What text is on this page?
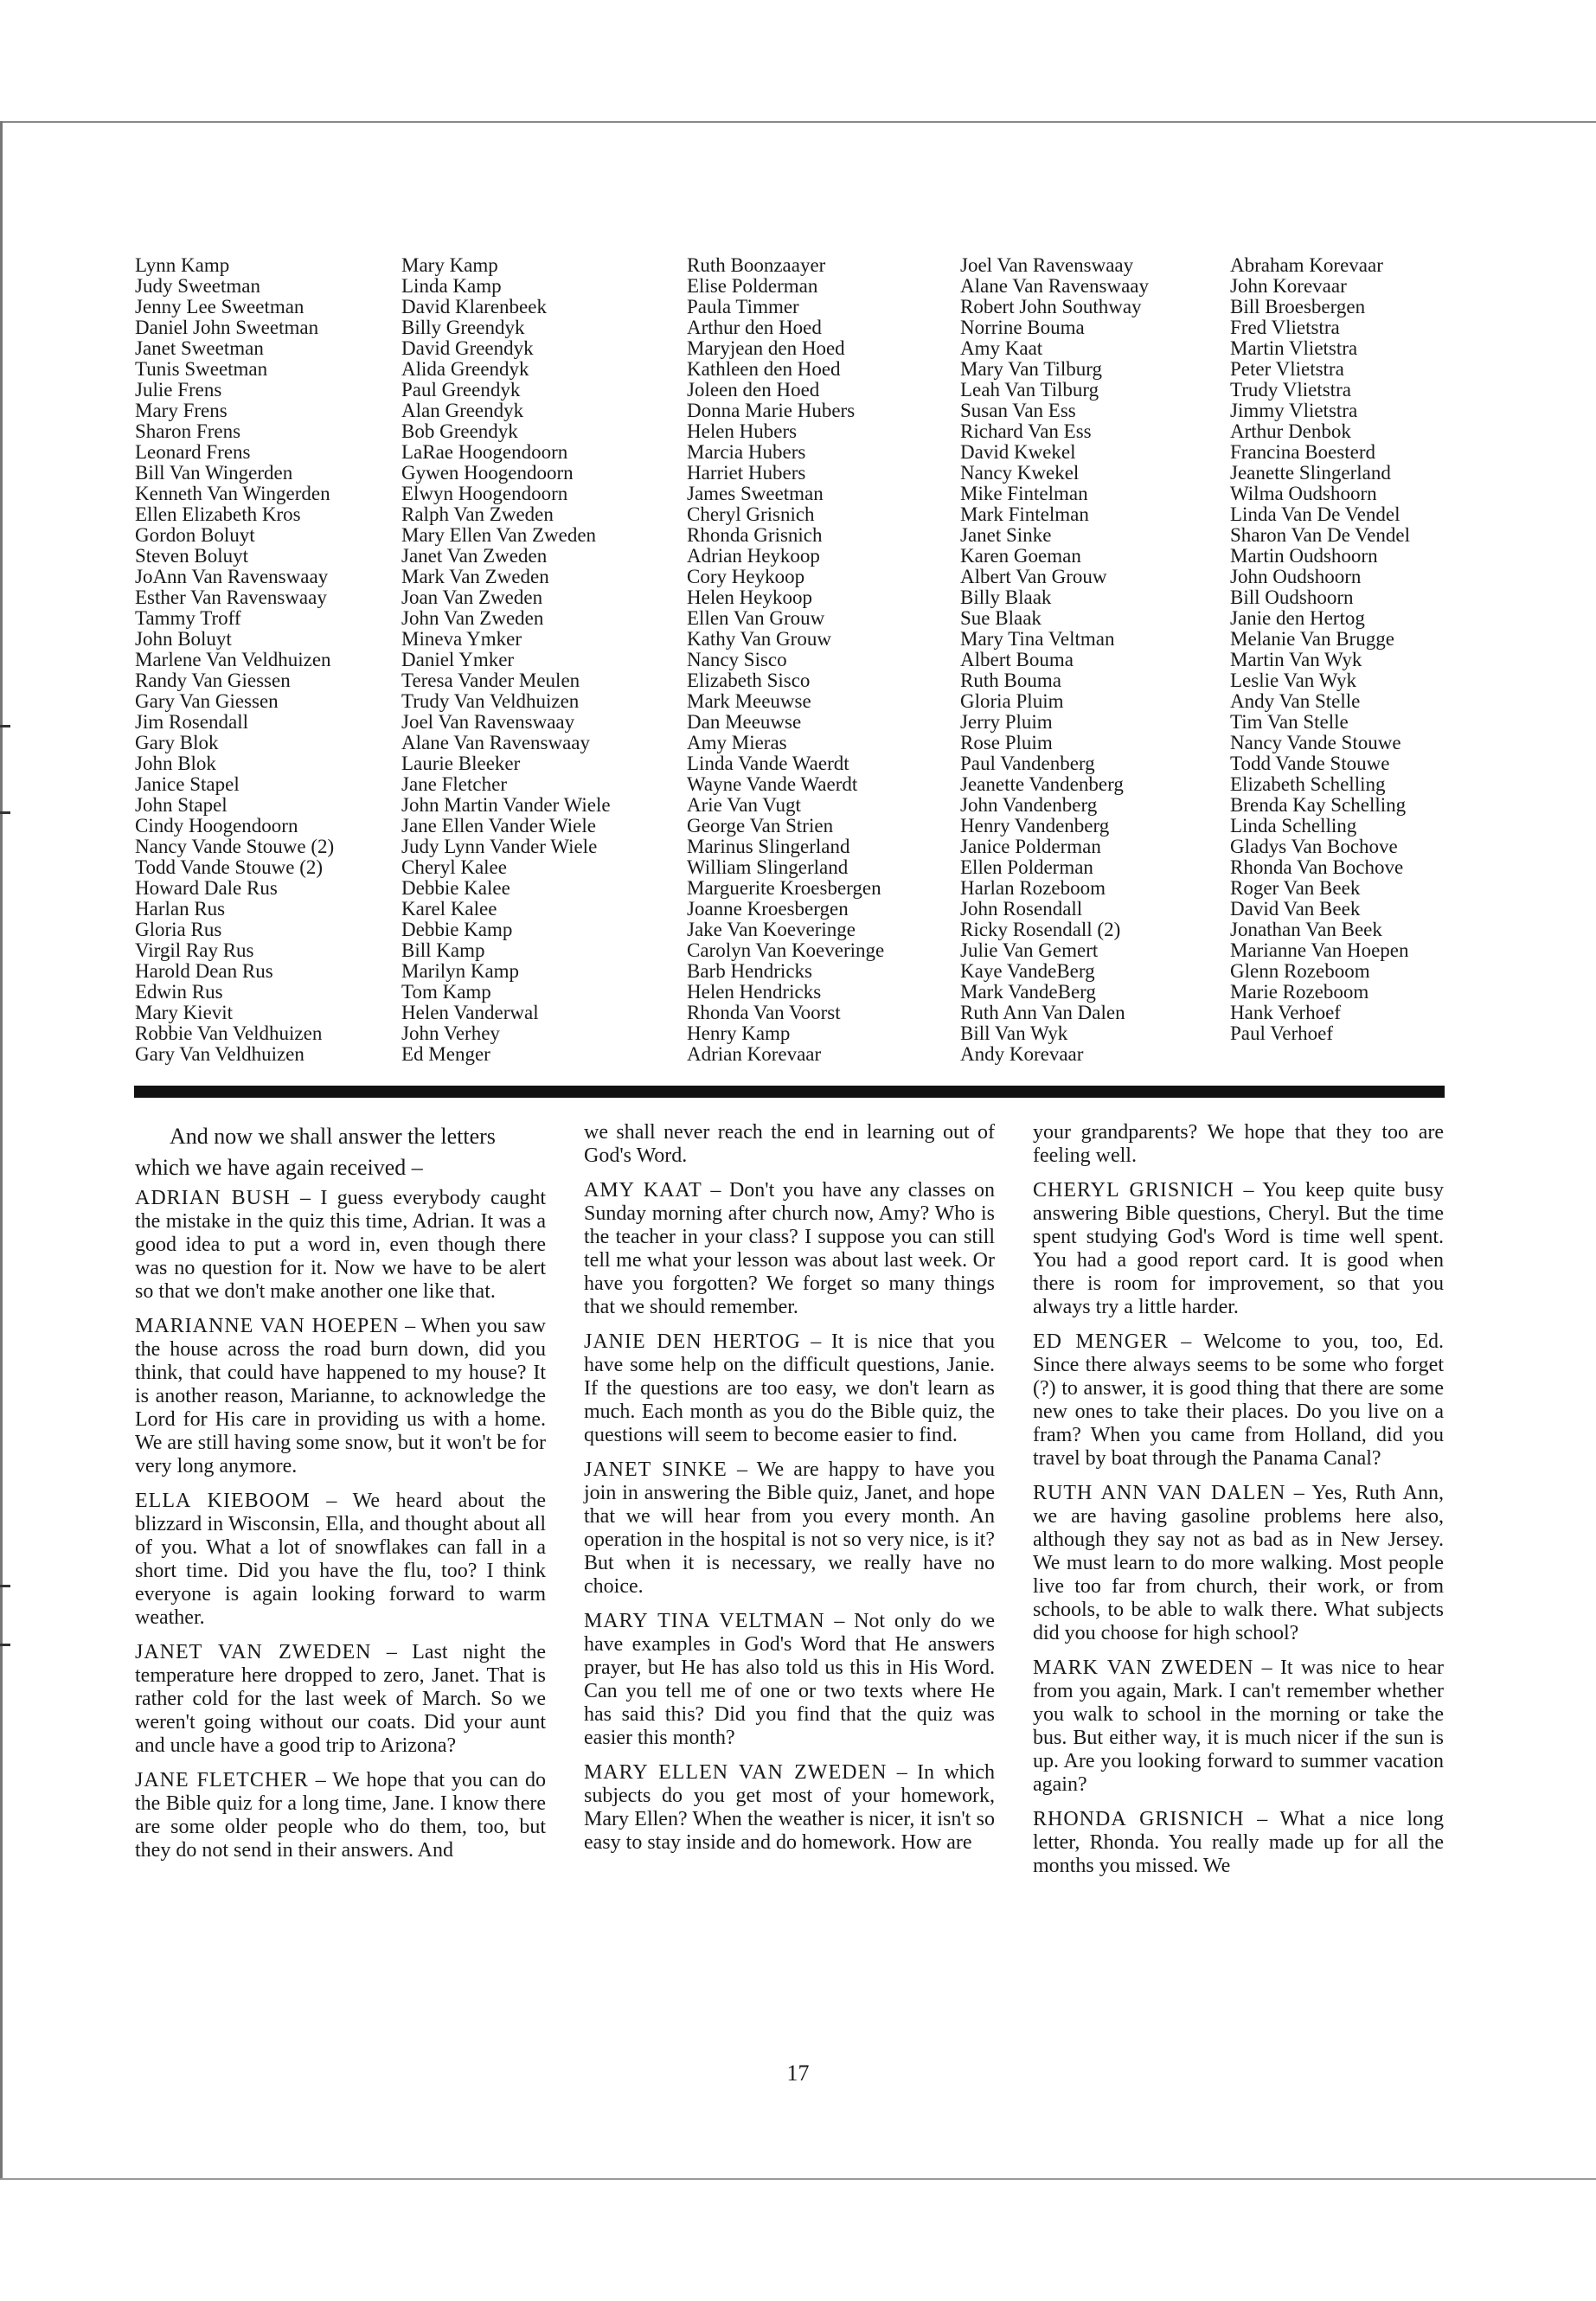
Lynn Kamp
Judy Sweetman
Jenny Lee Sweetman
Daniel John Sweetman
Janet Sweetman
Tunis Sweetman
Julie Frens
Mary Frens
Sharon Frens
Leonard Frens
Bill Van Wingerden
Kenneth Van Wingerden
Ellen Elizabeth Kros
Gordon Boluyt
Steven Boluyt
JoAnn Van Ravenswaay
Esther Van Ravenswaay
Tammy Troff
John Boluyt
Marlene Van Veldhuizen
Randy Van Giessen
Gary Van Giessen
Jim Rosendall
Gary Blok
John Blok
Janice Stapel
John Stapel
Cindy Hoogendoorn
Nancy Vande Stouwe (2)
Todd Vande Stouwe (2)
Howard Dale Rus
Harlan Rus
Gloria Rus
Virgil Ray Rus
Harold Dean Rus
Edwin Rus
Mary Kievit
Robbie Van Veldhuizen
Gary Van Veldhuizen
Mary Kamp
Linda Kamp
David Klarenbeek
Billy Greendyk
David Greendyk
Alida Greendyk
Paul Greendyk
Alan Greendyk
Bob Greendyk
LaRae Hoogendoorn
Gywen Hoogendoorn
Elwyn Hoogendoorn
Ralph Van Zweden
Mary Ellen Van Zweden
Janet Van Zweden
Mark Van Zweden
Joan Van Zweden
John Van Zweden
Mineva Ymker
Daniel Ymker
Teresa Vander Meulen
Trudy Van Veldhuizen
Joel Van Ravenswaay
Alane Van Ravenswaay
Laurie Bleeker
Jane Fletcher
John Martin Vander Wiele
Jane Ellen Vander Wiele
Judy Lynn Vander Wiele
Cheryl Kalee
Debbie Kalee
Karel Kalee
Debbie Kamp
Bill Kamp
Marilyn Kamp
Tom Kamp
Helen Vanderwal
John Verhey
Ed Menger
Ruth Boonzaayer
Elise Polderman
Paula Timmer
Arthur den Hoed
Maryjean den Hoed
Kathleen den Hoed
Joleen den Hoed
Donna Marie Hubers
Helen Hubers
Marcia Hubers
Harriet Hubers
James Sweetman
Cheryl Grisnich
Rhonda Grisnich
Adrian Heykoop
Cory Heykoop
Helen Heykoop
Ellen Van Grouw
Kathy Van Grouw
Nancy Sisco
Elizabeth Sisco
Mark Meeuwse
Dan Meeuwse
Amy Mieras
Linda Vande Waerdt
Wayne Vande Waerdt
Arie Van Vugt
George Van Strien
Marinus Slingerland
William Slingerland
Marguerite Kroesbergen
Joanne Kroesbergen
Jake Van Koeveringe
Carolyn Van Koeveringe
Barb Hendricks
Helen Hendricks
Rhonda Van Voorst
Henry Kamp
Adrian Korevaar
Joel Van Ravenswaay
Alane Van Ravenswaay
Robert John Southway
Norrine Bouma
Amy Kaat
Mary Van Tilburg
Leah Van Tilburg
Susan Van Ess
Richard Van Ess
David Kwekel
Nancy Kwekel
Mike Fintelman
Mark Fintelman
Janet Sinke
Karen Goeman
Albert Van Grouw
Billy Blaak
Sue Blaak
Mary Tina Veltman
Albert Bouma
Ruth Bouma
Gloria Pluim
Jerry Pluim
Rose Pluim
Paul Vandenberg
Jeanette Vandenberg
John Vandenberg
Henry Vandenberg
Janice Polderman
Ellen Polderman
Harlan Rozeboom
John Rosendall
Ricky Rosendall (2)
Julie Van Gemert
Kaye VandeBerg
Mark VandeBerg
Ruth Ann Van Dalen
Bill Van Wyk
Andy Korevaar
Abraham Korevaar
John Korevaar
Bill Broesbergen
Fred Vlietstra
Martin Vlietstra
Peter Vlietstra
Trudy Vlietstra
Jimmy Vlietstra
Arthur Denbok
Francina Boesterd
Jeanette Slingerland
Wilma Oudshoorn
Linda Van De Vendel
Sharon Van De Vendel
Martin Oudshoorn
John Oudshoorn
Bill Oudshoorn
Janie den Hertog
Melanie Van Brugge
Martin Van Wyk
Leslie Van Wyk
Andy Van Stelle
Tim Van Stelle
Nancy Vande Stouwe
Todd Vande Stouwe
Elizabeth Schelling
Brenda Kay Schelling
Linda Schelling
Gladys Van Bochove
Rhonda Van Bochove
Roger Van Beek
David Van Beek
Jonathan Van Beek
Marianne Van Hoepen
Glenn Rozeboom
Marie Rozeboom
Hank Verhoef
Paul Verhoef

And now we shall answer the letters which we have again received –

ADRIAN BUSH – I guess everybody caught the mistake in the quiz this time, Adrian. It was a good idea to put a word in, even though there was no question for it. Now we have to be alert so that we don't make another one like that.

MARIANNE VAN HOEPEN – When you saw the house across the road burn down, did you think, that could have happened to my house? It is another reason, Marianne, to acknowledge the Lord for His care in providing us with a home. We are still having some snow, but it won't be for very long anymore.

ELLA KIEBOOM – We heard about the blizzard in Wisconsin, Ella, and thought about all of you. What a lot of snowflakes can fall in a short time. Did you have the flu, too? I think everyone is again looking forward to warm weather.

JANET VAN ZWEDEN – Last night the temperature here dropped to zero, Janet. That is rather cold for the last week of March. So we weren't going without our coats. Did your aunt and uncle have a good trip to Arizona?

JANE FLETCHER – We hope that you can do the Bible quiz for a long time, Jane. I know there are some older people who do them, too, but they do not send in their answers. And

we shall never reach the end in learning out of God's Word.

AMY KAAT – Don't you have any classes on Sunday morning after church now, Amy? Who is the teacher in your class? I suppose you can still tell me what your lesson was about last week. Or have you forgotten? We forget so many things that we should remember.

JANIE DEN HERTOG – It is nice that you have some help on the difficult questions, Janie. If the questions are too easy, we don't learn as much. Each month as you do the Bible quiz, the questions will seem to become easier to find.

JANET SINKE – We are happy to have you join in answering the Bible quiz, Janet, and hope that we will hear from you every month. An operation in the hospital is not so very nice, is it? But when it is necessary, we really have no choice.

MARY TINA VELTMAN – Not only do we have examples in God's Word that He answers prayer, but He has also told us this in His Word. Can you tell me of one or two texts where He has said this? Did you find that the quiz was easier this month?

MARY ELLEN VAN ZWEDEN – In which subjects do you get most of your homework, Mary Ellen? When the weather is nicer, it isn't so easy to stay inside and do homework. How are

your grandparents? We hope that they too are feeling well.

CHERYL GRISNICH – You keep quite busy answering Bible questions, Cheryl. But the time spent studying God's Word is time well spent. You had a good report card. It is good when there is room for improvement, so that you always try a little harder.

ED MENGER – Welcome to you, too, Ed. Since there always seems to be some who forget (?) to answer, it is good thing that there are some new ones to take their places. Do you live on a fram? When you came from Holland, did you travel by boat through the Panama Canal?

RUTH ANN VAN DALEN – Yes, Ruth Ann, we are having gasoline problems here also, although they say not as bad as in New Jersey. We must learn to do more walking. Most people live too far from church, their work, or from schools, to be able to walk there. What subjects did you choose for high school?

MARK VAN ZWEDEN – It was nice to hear from you again, Mark. I can't remember whether you walk to school in the morning or take the bus. But either way, it is much nicer if the sun is up. Are you looking forward to summer vacation again?

RHONDA GRISNICH – What a nice long letter, Rhonda. You really made up for all the months you missed. We

17
